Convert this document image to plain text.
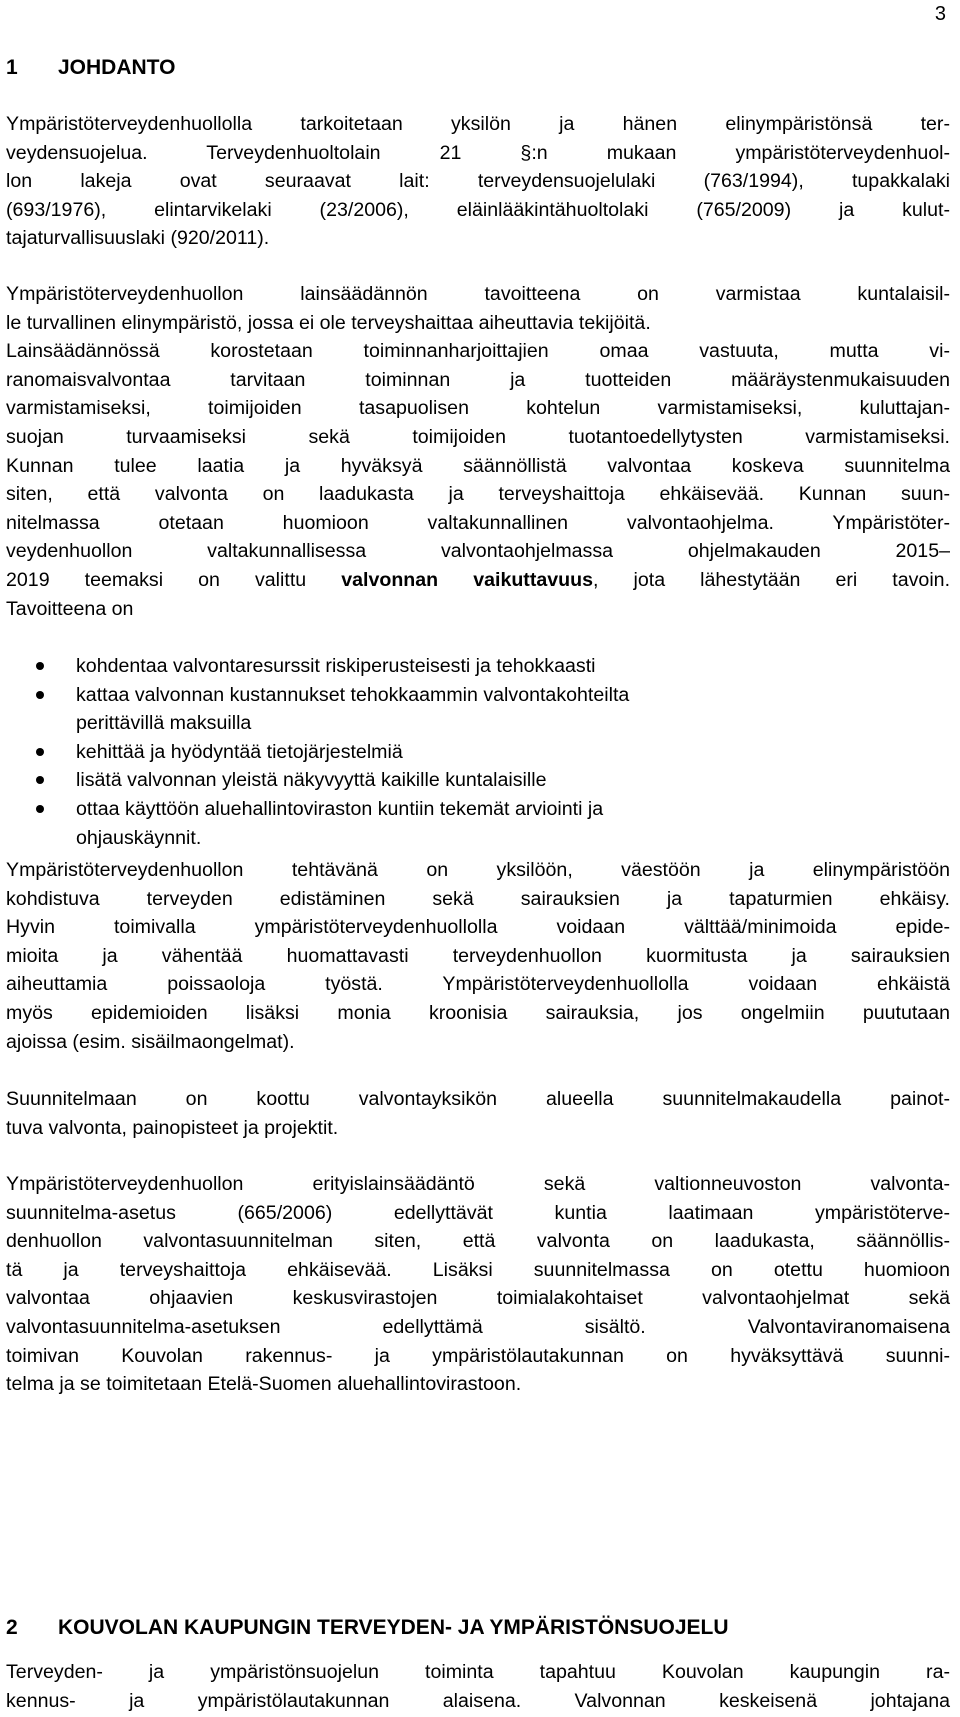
3
1 JOHDANTO
Ympäristöterveydenhuollolla tarkoitetaan yksilön ja hänen elinympäristönsä ter-
veydensuojelua. Terveydenhuoltolain 21 §:n mukaan ympäristöterveydenhuol-
lon lakeja ovat seuraavat lait: terveydensuojelulaki (763/1994), tupakkalaki
(693/1976), elintarvikelaki (23/2006), eläinlääkintähuoltolaki (765/2009) ja kulut-
tajaturvallisuuslaki (920/2011).
Ympäristöterveydenhuollon lainsäädännön tavoitteena on varmistaa kuntalaisil-
le turvallinen elinympäristö, jossa ei ole terveyshaittaa aiheuttavia tekijöitä.
Lainsäädännössä korostetaan toiminnanharjoittajien omaa vastuuta, mutta vi-
ranomaisvalvontaa tarvitaan toiminnan ja tuotteiden määräystenmukaisuuden
varmistamiseksi, toimijoiden tasapuolisen kohtelun varmistamiseksi, kuluttajan-
suojan turvaamiseksi sekä toimijoiden tuotantoedellytysten varmistamiseksi.
Kunnan tulee laatia ja hyväksyä säännöllistä valvontaa koskeva suunnitelma
siten, että valvonta on laadukasta ja terveyshaittoja ehkäisevää. Kunnan suun-
nitelmassa otetaan huomioon valtakunnallinen valvontaohjelma. Ympäristöter-
veydenhuollon valtakunnallisessa valvontaohjelmassa ohjelmakauden 2015–
2019 teemaksi on valittu valvonnan vaikuttavuus, jota lähestytään eri tavoin.
Tavoitteena on
kohdentaa valvontaresurssit riskiperusteisesti ja tehokkaasti
kattaa valvonnan kustannukset tehokkaammin valvontakohteilta
perittävillä maksuilla
kehittää ja hyödyntää tietojärjestelmiä
lisätä valvonnan yleistä näkyvyyttä kaikille kuntalaisille
ottaa käyttöön aluehallintoviraston kuntiin tekemät arviointi ja
ohjauskäynnit.
Ympäristöterveydenhuollon tehtävänä on yksilöön, väestöön ja elinympäristöön
kohdistuva terveyden edistäminen sekä sairauksien ja tapaturmien ehkäisy.
Hyvin toimivalla ympäristöterveydenhuollolla voidaan välttää/minimoida epide-
mioita ja vähentää huomattavasti terveydenhuollon kuormitusta ja sairauksien
aiheuttamia poissaoloja työstä. Ympäristöterveydenhuollolla voidaan ehkäistä
myös epidemioiden lisäksi monia kroonisia sairauksia, jos ongelmiin puututaan
ajoissa (esim. sisäilmaongelmat).
Suunnitelmaan on koottu valvontayksikön alueella suunnitelmakaudella painot-
tuva valvonta, painopisteet ja projektit.
Ympäristöterveydenhuollon erityislainsäädäntö sekä valtionneuvoston valvonta-
suunnitelma-asetus (665/2006) edellyttävät kuntia laatimaan ympäristöterve-
denhuollon valvontasuunnitelman siten, että valvonta on laadukasta, säännöllis-
tä ja terveyshaittoja ehkäisevää. Lisäksi suunnitelmassa on otettu huomioon
valvontaa ohjaavien keskusvirastojen toimialakohtaiset valvontaohjelmat sekä
valvontasuunnitelma-asetuksen edellyttämä sisältö. Valvontaviranomaisena
toimivan Kouvolan rakennus- ja ympäristölautakunnan on hyväksyttävä suunni-
telma ja se toimitetaan Etelä-Suomen aluehallintovirastoon.
2 KOUVOLAN KAUPUNGIN TERVEYDEN- JA YMPÄRISTÖNSUOJELU
Terveyden- ja ympäristönsuojelun toiminta tapahtuu Kouvolan kaupungin ra-
kennus- ja ympäristölautakunnan alaisena. Valvonnan keskeisenä johtajana
